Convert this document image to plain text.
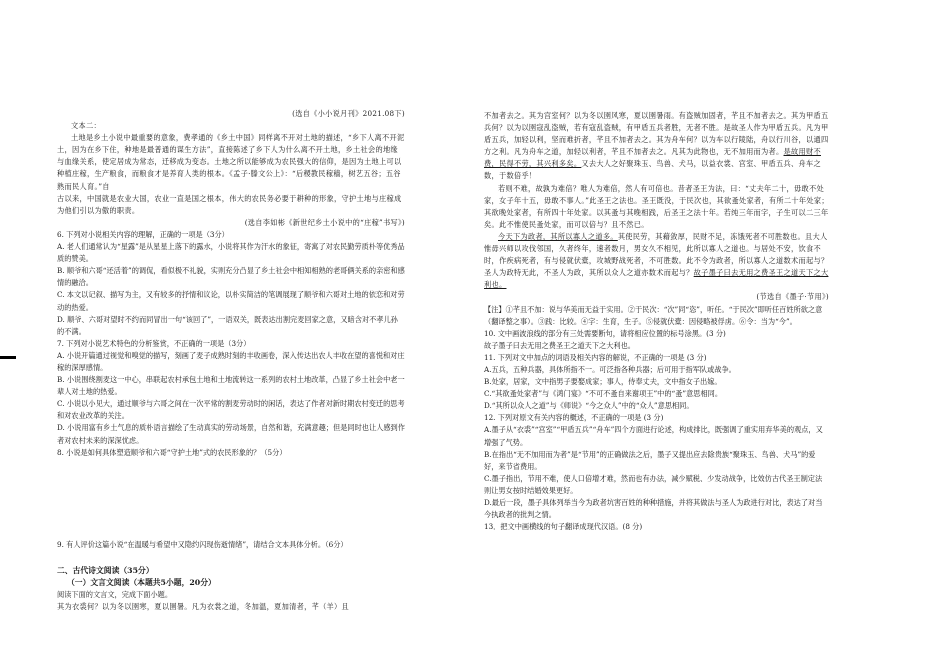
(选自《小小说月刊》2021.08下)

文本二：

土地是乡土小说中最重要的意象，费孝通的《乡土中国》同样离不开对土地的描述，“乡下人离不开泥土，因为在乡下住，种地是最普通的谋生方法”，直接陈述了乡下人为什么离不开土地，乡土社会的地缘与血缘关系，使定居成为常态，迁移成为变态。土地之所以能够成为农民强大的信仰，是因为土地上可以种植庄稼，生产粮食，而粮食才是养育人类的根本。《孟子·滕文公上》：“后稷教民稼穑，树艺五谷；五谷熟而民人育。”自

古以来，中国就是农业大国，农业一直是国之根本，伟大的农民务必要于耕种的形象，守护土地与庄稼成为他们引以为傲的职责。

(选自李如彬《新世纪乡土小说中的“庄稼”书写》)

6. 下列对小说相关内容的理解，正确的一项是（3分）

A. 老人们通常认为“星露”是从星星上落下的露水，小说将其作为汗水的象征，寄寓了对农民勤劳质朴等优秀品质的赞美。

B. 顺爷和六哥“还活着”的调侃，看似极不礼貌，实则充分凸显了乡土社会中相知相熟的老哥俩关系的亲密和感情的融洽。

C. 本文以记叙、描写为主，又有较多的抒情和议论，以朴实简洁的笔调展现了顺爷和六哥对土地的依恋和对劳动的热爱。

D. 顺爷、六哥对望时不约而同冒出一句“该回了”，一语双关，既表达出割完麦回家之意，又暗含对不孝儿孙的不满。

7. 下列对小说艺术特色的分析鉴赏，不正确的一项是（3分）

A. 小说开篇通过视觉和嗅觉的描写，刻画了麦子成熟时刻的丰收画卷，深入传达出农人丰收在望的喜悦和对庄稼的深厚感情。

B. 小说围绕割麦这一中心，串联起农村承包土地和土地流转这一系列的农村土地改革，凸显了乡土社会中老一辈人对土地的热爱。

C. 小说以小见大，通过顺爷与六哥之间在一次平常的割麦劳动时的闲话，表达了作者对新时期农村变迁的思考和对农业改革的关注。

D. 小说用富有乡土气息的质朴语言描绘了生动真实的劳动场景，自然和谐，充满意趣；但是同时也让人感到作者对农村未来的深深忧虑。

8. 小说是如何具体塑造顺爷和六哥“守护土地”式的农民形象的？（5分）

9. 有人评价这篇小说“在温暖与希望中又隐约闪现伤逝情绪”，请结合文本具体分析。（6分）

二、古代诗文阅读（35分）

（一）文言文阅读（本题共5小题，20分）

阅读下面的文言文，完成下面小题。

其为衣裘何？以为冬以圉寒，夏以圉暑。凡为衣裳之道，冬加温，夏加清者，芊（羊）且

不加者去之。其为宫室何？以为冬以圉风寒，夏以圉暑雨。有盗贼加固者，芊且不加者去之。其为甲盾五兵何？以为以圉寇乱盗贼，若有寇乱盗贼，有甲盾五兵者胜，无者不胜。是故圣人作为甲盾五兵。凡为甲盾五兵，加轻以利，坚而难折者，芊且不加者去之。其为舟车何？以为车以行陵陆，舟以行川谷，以通四方之利。凡为舟车之道，加轻以利者，芊且不加者去之。凡其为此物也，无不加用而为者。是故用财不费，民得不劳，其兴利多矣。又去大人之好聚珠玉、鸟兽、犬马，以益衣裳、宫室、甲盾五兵、舟车之数，于数倍乎！

若则不难，故孰为难倍？唯人为难倍，然人有可倍也。昔者圣王为法，曰：“丈夫年二十，毋敢不处家，女子年十五，毋敢不事人。”此圣王之法也。圣王既没，于民次也，其欲蚤处家者，有所二十年处家；其欲晚处家者，有所四十年处家。以其蚤与其晚相践，后圣王之法十年。若纯三年而字，子生可以二三年矣。此不惟使民蚤处家，而可以倍与？且不然已。

今天下为政者，其所以寡人之道多。其使民劳，其藉敛厚，民财不足，冻饿死者不可胜数也。且大人惟毋兴师以攻伐邻国，久者终年，速者数月，男女久不相见，此所以寡人之道也。与居处不安，饮食不时，作疾病死者，有与侵就伏橐，攻城野战死者，不可胜数。此不令为政者，所以寡人之道数术而起与？圣人为政特无此，不圣人为政，其所以众人之道亦数术而起与？故子墨子曰去无用之费圣王之道天下之大利也。

(节选自《墨子·节用》)

【注】①芊且不加：说与华美而无益于实用。②于民次：“次”同“恣”，听任。“于民次”即听任百姓所欲之意（翻译整之事）。③践：比较。④字：生育，生子。⑤侵就伏橐：因侵略被俘虏。⑥令：当为“今”。

10. 文中画波浪线的部分有三处需要断句，请将相应位置的标号涂黑。(3 分)

故子墨子曰去无用之费圣王之道天下之大利也。

11. 下列对文中加点的词语及相关内容的解说，不正确的一项是 (3 分)

A.五兵，五种兵器，具体所指不一。可泛指各种兵器；后可用于指军队或战争。

B.处家，居家，文中指男子要娶成家；事人，侍奉丈夫，文中指女子出嫁。

C.“其欲蚤处家者”与《鸿门宴》“不可不蚤自来谢项王”中的“蚤”意思相同。

D.“其所以众人之道”与《师说》“今之众人”中的“众人”意思相同。

12. 下列对原文有关内容的概述，不正确的一项是 (3 分)

A.墨子从“衣裘”“宫室”“甲盾五兵”“舟车”四个方面进行论述，构成排比，既强调了重实用弃华美的观点，又增强了气势。

B.在指出“无不加用而为者”是“节用”的正确做法之后，墨子又提出应去除贵族“聚珠玉、鸟兽、犬马”的爱好，来节省费用。

C.墨子指出，节用不难，使人口倍增才难，然而也有办法，减少赋税、少发动战争，比效仿古代圣王制定法则让男女按时结婚效果更好。

D.最后一段，墨子具体列举当今为政者坑害百姓的种种措施，并将其做法与圣人为政进行对比，表达了对当今执政者的批判之情。

13．把文中画横线的句子翻译成现代汉语。(8 分)
